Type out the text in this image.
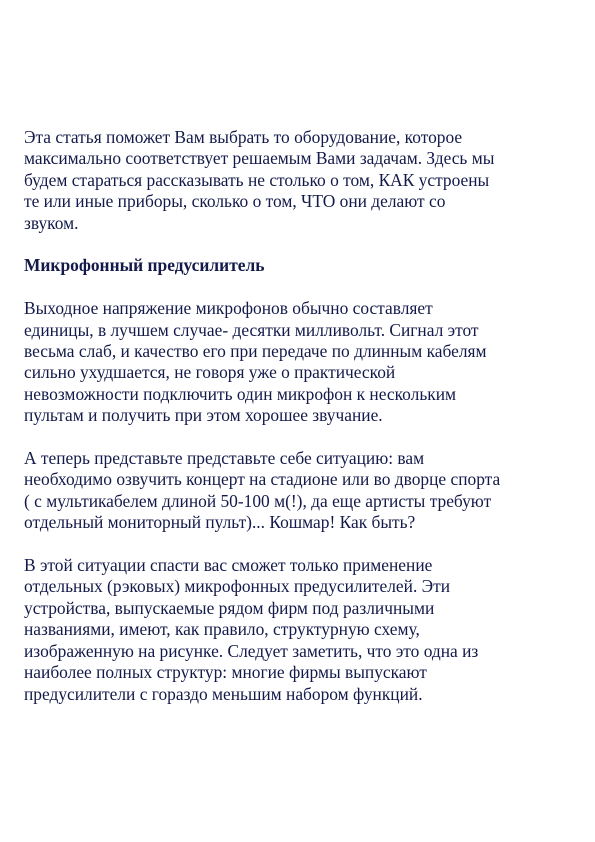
Эта статья поможет Вам выбрать то оборудование, которое
максимально соответствует решаемым Вами задачам. Здесь мы
будем стараться рассказывать не столько о том, КАК устроены
те или иные приборы, сколько о том, ЧТО они делают со
звуком.

Микрофонный предусилитель

Выходное напряжение микрофонов обычно составляет
единицы, в лучшем случае- десятки милливольт. Сигнал этот
весьма слаб, и качество его при передаче по длинным кабелям
сильно ухудшается, не говоря уже о практической
невозможности подключить один микрофон к нескольким
пультам и получить при этом хорошее звучание.

А теперь представьте представьте себе ситуацию: вам
необходимо озвучить концерт на стадионе или во дворце спорта
( с мультикабелем длиной 50-100 м(!), да еще артисты требуют
отдельный мониторный пульт)... Кошмар! Как быть?

В этой ситуации спасти вас сможет только применение
отдельных (рэковых) микрофонных предусилителей. Эти
устройства, выпускаемые рядом фирм под различными
названиями, имеют, как правило, структурную схему,
изображенную на рисунке. Следует заметить, что это одна из
наиболее полных структур: многие фирмы выпускают
предусилители с гораздо меньшим набором функций.
